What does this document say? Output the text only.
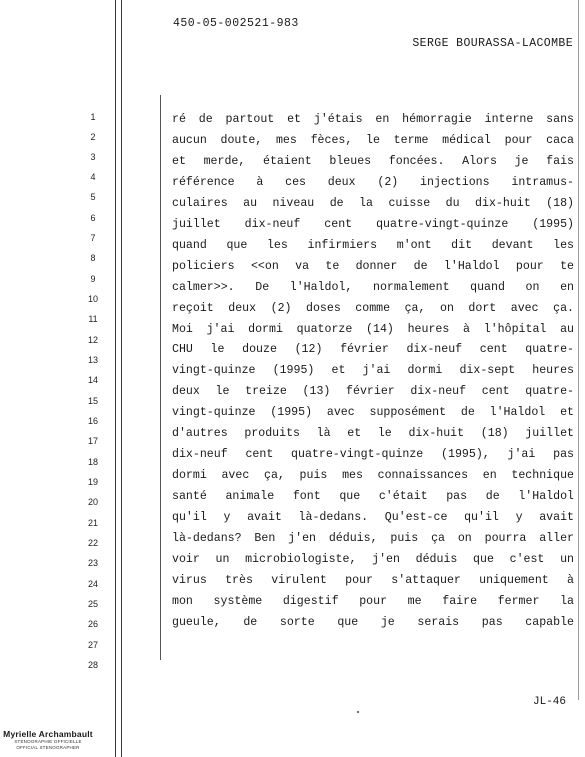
450-05-002521-983
SERGE BOURASSA-LACOMBE
1
2
3
4
5
6
7
8
9
10
11
12
13
14
15
16
17
18
19
20
21
22
23
24
25
26
27
28
ré de partout et j'étais en hémorragie interne sans
aucun doute, mes fèces, le terme médical pour caca
et merde, étaient bleues foncées. Alors je fais
référence à ces deux (2) injections intramus-
culaires au niveau de la cuisse du dix-huit (18)
juillet dix-neuf cent quatre-vingt-quinze (1995)
quand que les infirmiers m'ont dit devant les
policiers <<on va te donner de l'Haldol pour te
calmer>>. De l'Haldol, normalement quand on en
reçoit deux (2) doses comme ça, on dort avec ça.
Moi j'ai dormi quatorze (14) heures à l'hôpital au
CHU le douze (12) février dix-neuf cent quatre-
vingt-quinze (1995) et j'ai dormi dix-sept heures
deux le treize (13) février dix-neuf cent quatre-
vingt-quinze (1995) avec supposément de l'Haldol et
d'autres produits là et le dix-huit (18) juillet
dix-neuf cent quatre-vingt-quinze (1995), j'ai pas
dormi avec ça, puis mes connaissances en technique
santé animale font que c'était pas de l'Haldol
qu'il y avait là-dedans. Qu'est-ce qu'il y avait
là-dedans? Ben j'en déduis, puis ça on pourra aller
voir un microbiologiste, j'en déduis que c'est un
virus très virulent pour s'attaquer uniquement à
mon système digestif pour me faire fermer la
gueule, de sorte que je serais pas capable
JL-46
Myrielle Archambault
STÉNOGRAPHIE OFFICIELLE
OFFICIAL STENOGRAPHER
